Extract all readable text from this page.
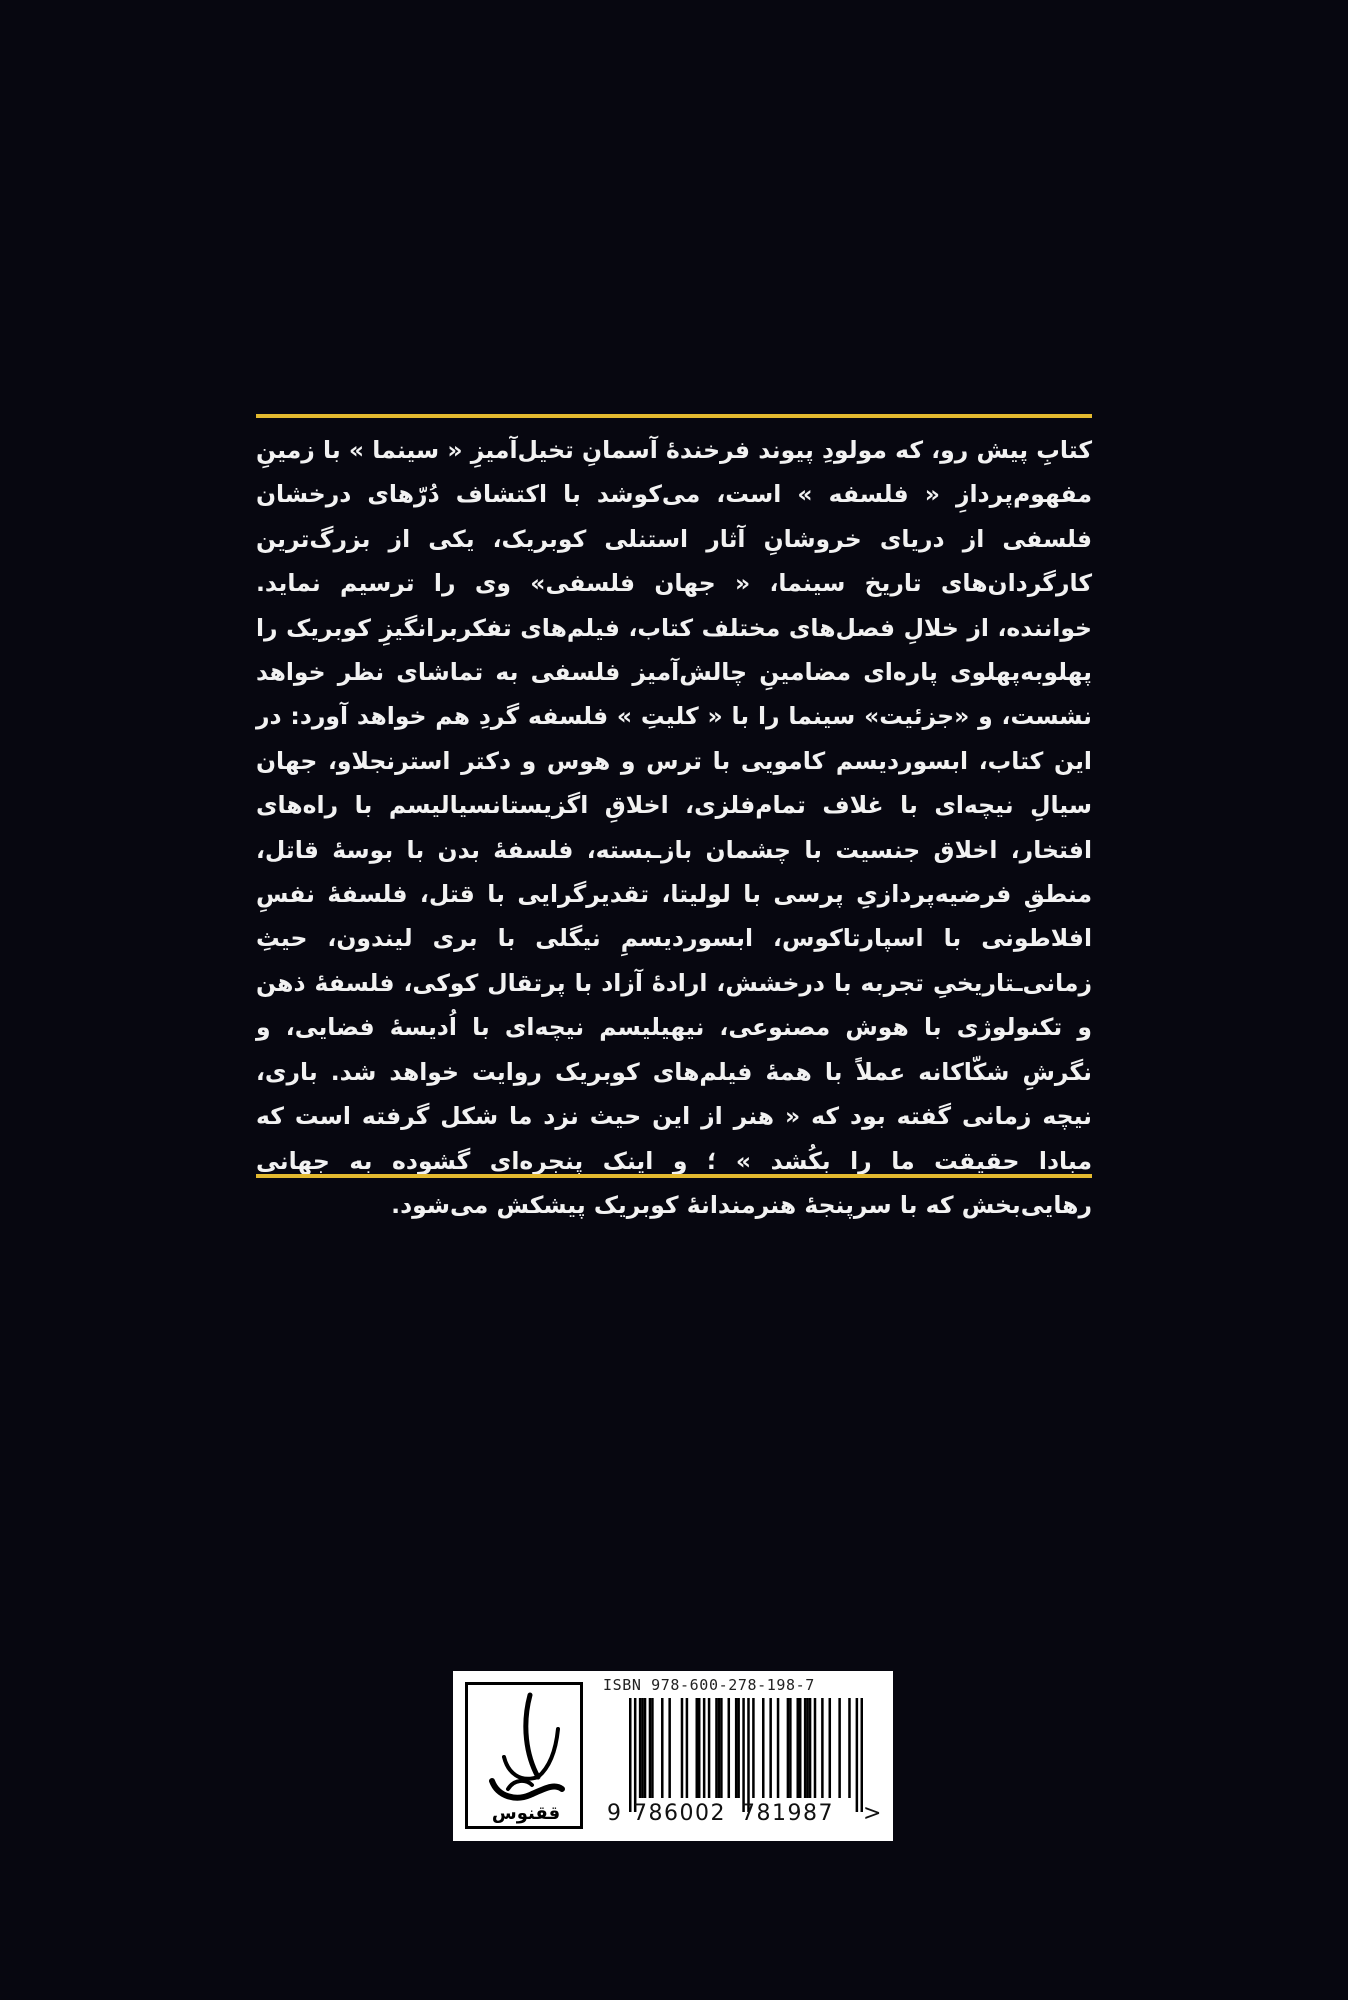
کتابِ پیش رو، که مولودِ پیوند فرخندهٔ آسمانِ تخیل‌آمیزِ « سینما » با زمینِ مفهوم‌پردازِ « فلسفه » است، می‌کوشد با اکتشاف دُرّهای درخشان فلسفی از دریای خروشانِ آثار استنلی کوبریک، یکی از بزرگ‌ترین کارگردان‌های تاریخ سینما، « جهان فلسفی» وی را ترسیم نماید. خواننده، از خلالِ فصل‌های مختلف کتاب، فیلم‌های تفکربرانگیزِ کوبریک را پهلوبه‌پهلوی پاره‌ای مضامینِ چالش‌آمیز فلسفی به تماشای نظر خواهد نشست، و «جزئیت» سینما را با « کلیتِ » فلسفه گردِ هم خواهد آورد: در این کتاب، ابسوردیسم کامویی با ترس و هوس و دکتر استرنجلاو، جهان سیالِ نیچه‌ای با غلاف تمام‌فلزی، اخلاقِ اگزیستانسیالیسم با راه‌های افتخار، اخلاق جنسیت با چشمان بازـبسته، فلسفهٔ بدن با بوسهٔ قاتل، منطقِ فرضیه‌پردازیِ پرسی با لولیتا، تقدیرگرایی با قتل، فلسفهٔ نفسِ افلاطونی با اسپارتاکوس، ابسوردیسمِ نیگلی با بری لیندون، حیثِ زمانی‌ـتاریخیِ تجربه با درخشش، ارادهٔ آزاد با پرتقال کوکی، فلسفهٔ ذهن و تکنولوژی با هوش مصنوعی، نیهیلیسم نیچه‌ای با اُدیسهٔ فضایی، و نگرشِ شکّاکانه عملاً با همهٔ فیلم‌های کوبریک روایت خواهد شد. باری، نیچه زمانی گفته بود که « هنر از این حیث نزد ما شکل گرفته است که مبادا حقیقت ما را بکُشد » ؛ و اینک پنجره‌ای گشوده به جهانی رهایی‌بخش که با سرپنجهٔ هنرمندانهٔ کوبریک پیشکش می‌شود.

ققنوس
ISBN 978-600-278-198-7
9 786002 781987 >
